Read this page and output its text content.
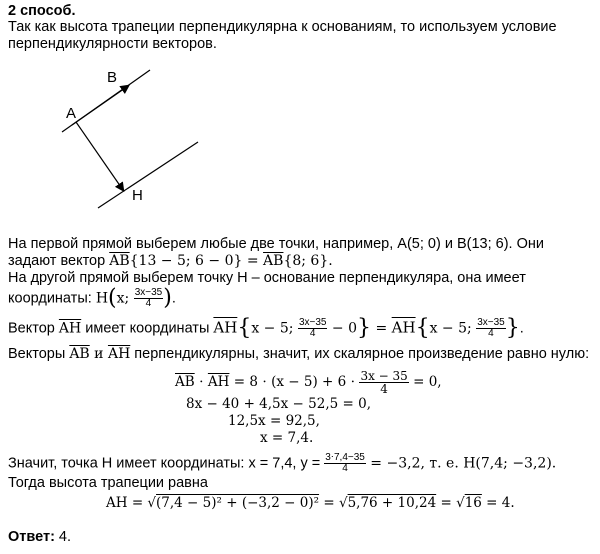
2 способ.
Так как высота трапеции перпендикулярна к основаниям, то используем условие
перпендикулярности векторов.
B
A
H
На первой прямой выберем любые две точки, например, A(5; 0) и B(13; 6). Они
задают вектор $\overline{AB}\{13 - 5$; $6 - 0\} = \overline{AB}\{8$; 6}.
На другой прямой выберем точку H – основание перпендикуляра, она имеет
координаты: H(x; $\frac{3x-35}{4}$ ).
Вектор $\overline{AH}$ имеет координаты $\overline{AH}\{x - 5$; $\frac{3x-35}{4} - 0\} = \overline{AH}\{x - 5$; $\frac{3x-35}{4}$ }.
Векторы $\overline{AB}$ и $\overline{AH}$ перпендикулярны, значит, их скалярное произведение равно нулю:
$\overline{AB} \cdot \overline{AH} = 8 \cdot (x - 5) + 6 \cdot \frac{3x - 35}{4} = 0$,
8x − 40 + 4,5x − 52,5 = 0,
12,5x = 92,5,
x = 7,4.
Значит, точка H имеет координаты: x = 7,4, $y = \frac{3\cdot 7,4-35}{4} = -3,2$, т. е. H(7,4; −3,2).
Тогда высота трапеции равна
AH = √(7,4 − 5)² + (−3,2 − 0)² = √5,76 + 10,24 = √16 = 4.
Ответ: 4.
